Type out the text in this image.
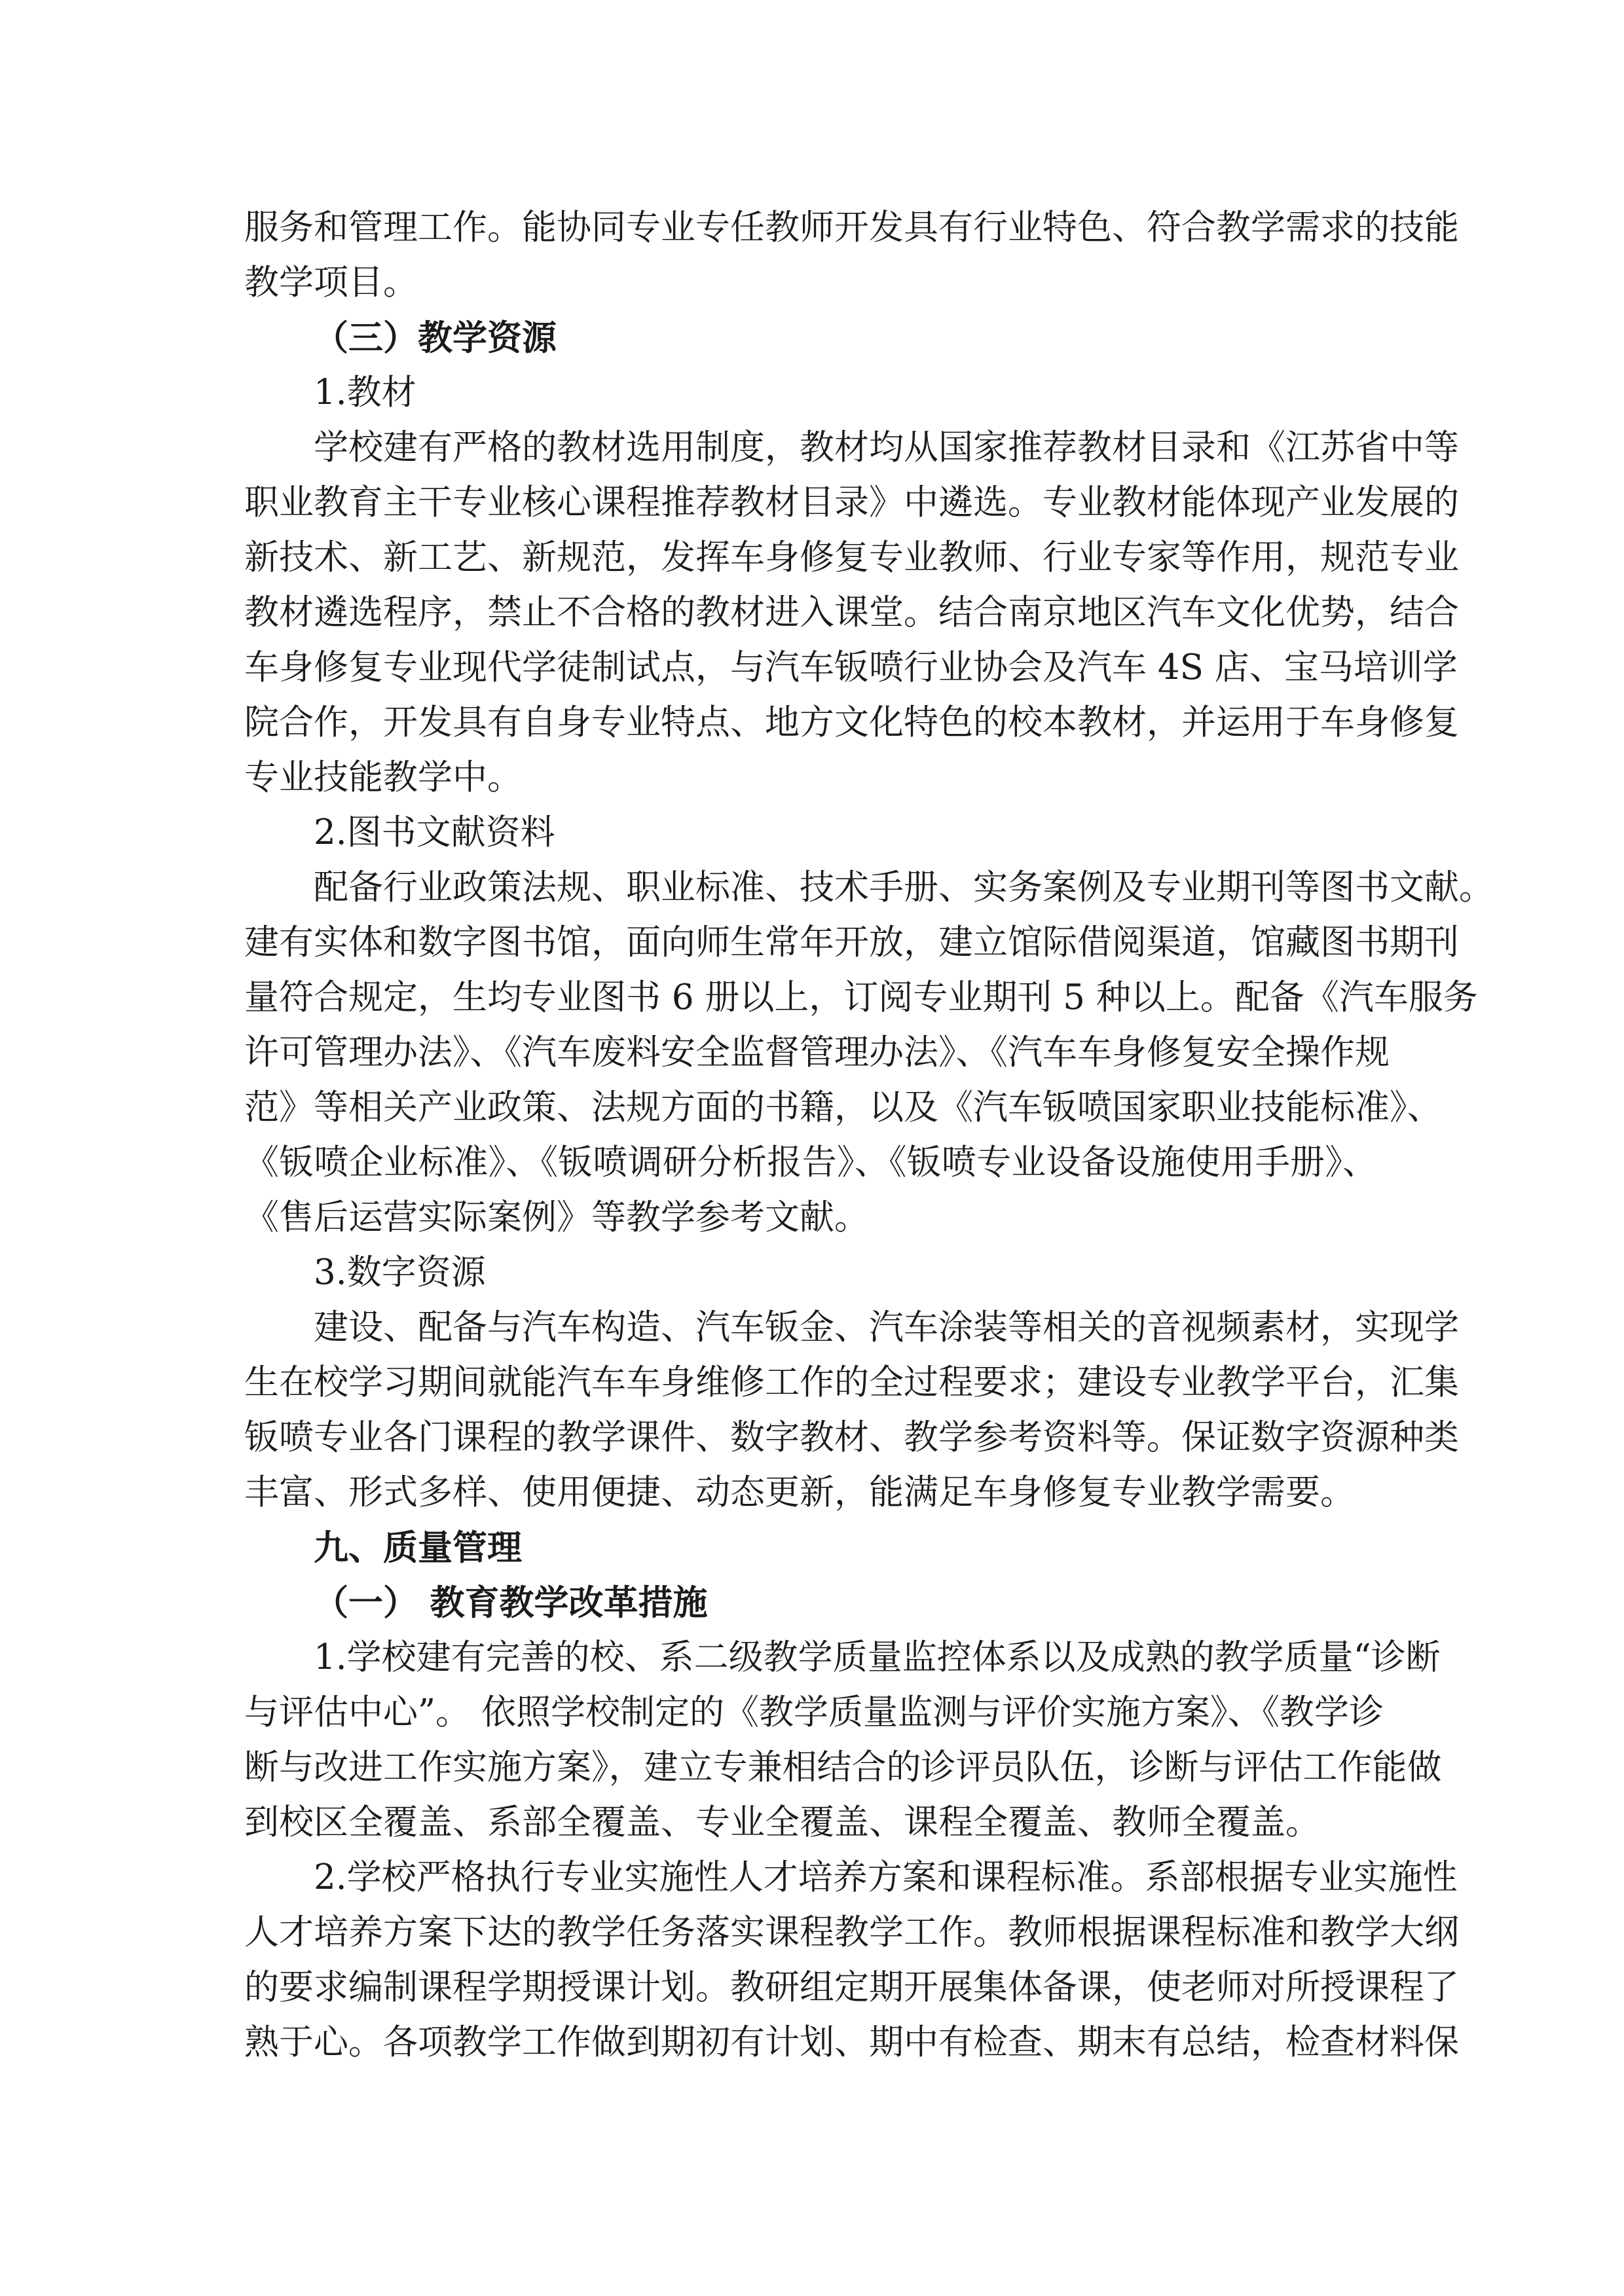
服务和管理工作。能协同专业专任教师开发具有行业特色、符合教学需求的技能
教学项目。
（三）教学资源
1.教材
学校建有严格的教材选用制度，教材均从国家推荐教材目录和《江苏省中等
职业教育主干专业核心课程推荐教材目录》中遴选。专业教材能体现产业发展的
新技术、新工艺、新规范，发挥车身修复专业教师、行业专家等作用，规范专业
教材遴选程序，禁止不合格的教材进入课堂。结合南京地区汽车文化优势，结合
车身修复专业现代学徒制试点，与汽车钣喷行业协会及汽车 4S 店、宝马培训学
院合作，开发具有自身专业特点、地方文化特色的校本教材，并运用于车身修复
专业技能教学中。
2.图书文献资料
配备行业政策法规、职业标准、技术手册、实务案例及专业期刊等图书文献。
建有实体和数字图书馆，面向师生常年开放，建立馆际借阅渠道，馆藏图书期刊
量符合规定，生均专业图书 6 册以上，订阅专业期刊 5 种以上。配备《汽车服务
许可管理办法》、《汽车废料安全监督管理办法》、《汽车车身修复安全操作规
范》等相关产业政策、法规方面的书籍，以及《汽车钣喷国家职业技能标准》、
《钣喷企业标准》、《钣喷调研分析报告》、《钣喷专业设备设施使用手册》、
《售后运营实际案例》等教学参考文献。
3.数字资源
建设、配备与汽车构造、汽车钣金、汽车涂装等相关的音视频素材，实现学
生在校学习期间就能汽车车身维修工作的全过程要求；建设专业教学平台，汇集
钣喷专业各门课程的教学课件、数字教材、教学参考资料等。保证数字资源种类
丰富、形式多样、使用便捷、动态更新，能满足车身修复专业教学需要。
九、质量管理
（一） 教育教学改革措施
1.学校建有完善的校、系二级教学质量监控体系以及成熟的教学质量“诊断
与评估中心”。 依照学校制定的《教学质量监测与评价实施方案》、《教学诊
断与改进工作实施方案》，建立专兼相结合的诊评员队伍，诊断与评估工作能做
到校区全覆盖、系部全覆盖、专业全覆盖、课程全覆盖、教师全覆盖。
2.学校严格执行专业实施性人才培养方案和课程标准。系部根据专业实施性
人才培养方案下达的教学任务落实课程教学工作。教师根据课程标准和教学大纲
的要求编制课程学期授课计划。教研组定期开展集体备课，使老师对所授课程了
熟于心。各项教学工作做到期初有计划、期中有检查、期末有总结，检查材料保
